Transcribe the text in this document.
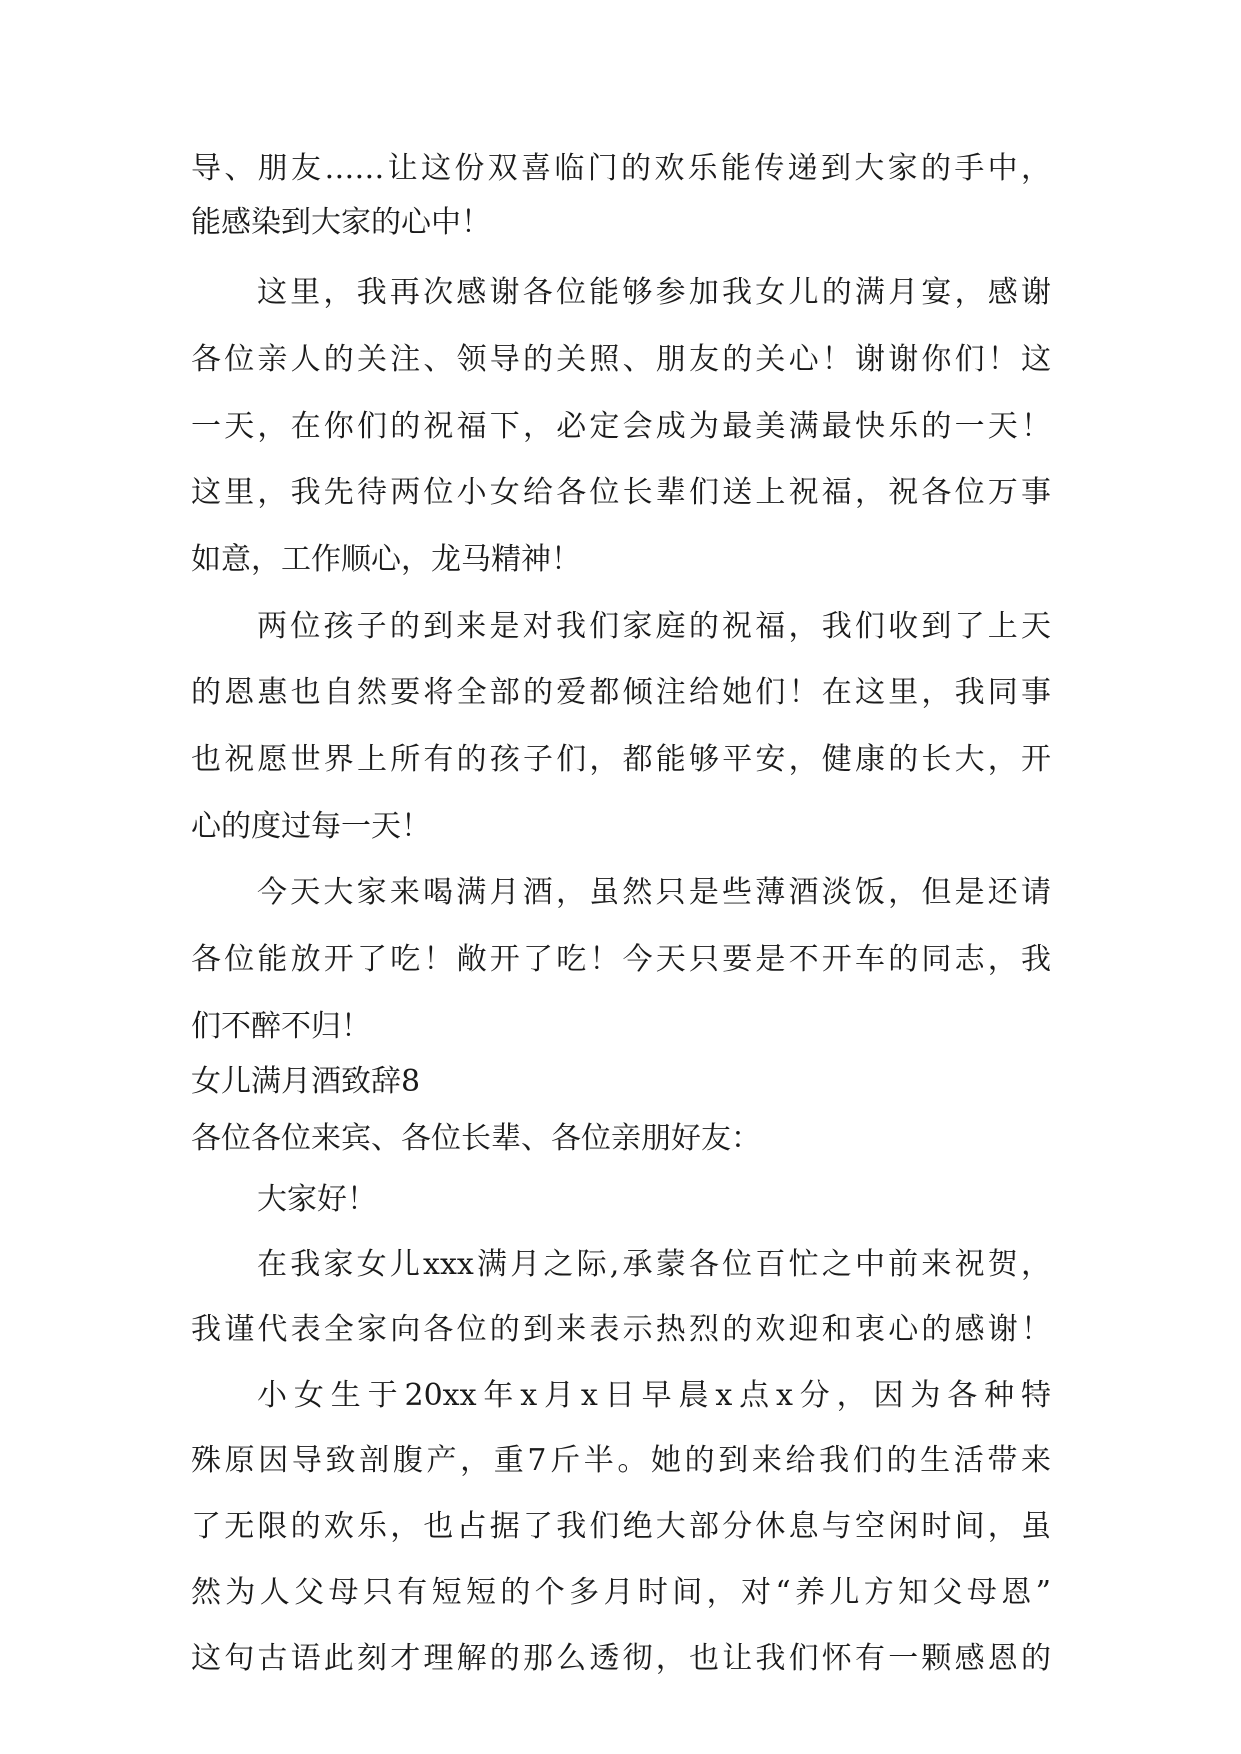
导、朋友……让这份双喜临门的欢乐能传递到大家的手中，
能感染到大家的心中！
这里，我再次感谢各位能够参加我女儿的满月宴，感谢
各位亲人的关注、领导的关照、朋友的关心！谢谢你们！这
一天，在你们的祝福下，必定会成为最美满最快乐的一天！
这里，我先待两位小女给各位长辈们送上祝福，祝各位万事
如意，工作顺心，龙马精神！
两位孩子的到来是对我们家庭的祝福，我们收到了上天
的恩惠也自然要将全部的爱都倾注给她们！在这里，我同事
也祝愿世界上所有的孩子们，都能够平安，健康的长大，开
心的度过每一天！
今天大家来喝满月酒，虽然只是些薄酒淡饭，但是还请
各位能放开了吃！敞开了吃！今天只要是不开车的同志，我
们不醉不归！
女儿满月酒致辞8
各位各位来宾、各位长辈、各位亲朋好友：
大家好！
在我家女儿xxx满月之际,承蒙各位百忙之中前来祝贺，
我谨代表全家向各位的到来表示热烈的欢迎和衷心的感谢！
小女生于20xx年x月x日早晨x点x分，因为各种特
殊原因导致剖腹产，重7斤半。她的到来给我们的生活带来
了无限的欢乐，也占据了我们绝大部分休息与空闲时间，虽
然为人父母只有短短的个多月时间，对“养儿方知父母恩”
这句古语此刻才理解的那么透彻，也让我们怀有一颗感恩的
